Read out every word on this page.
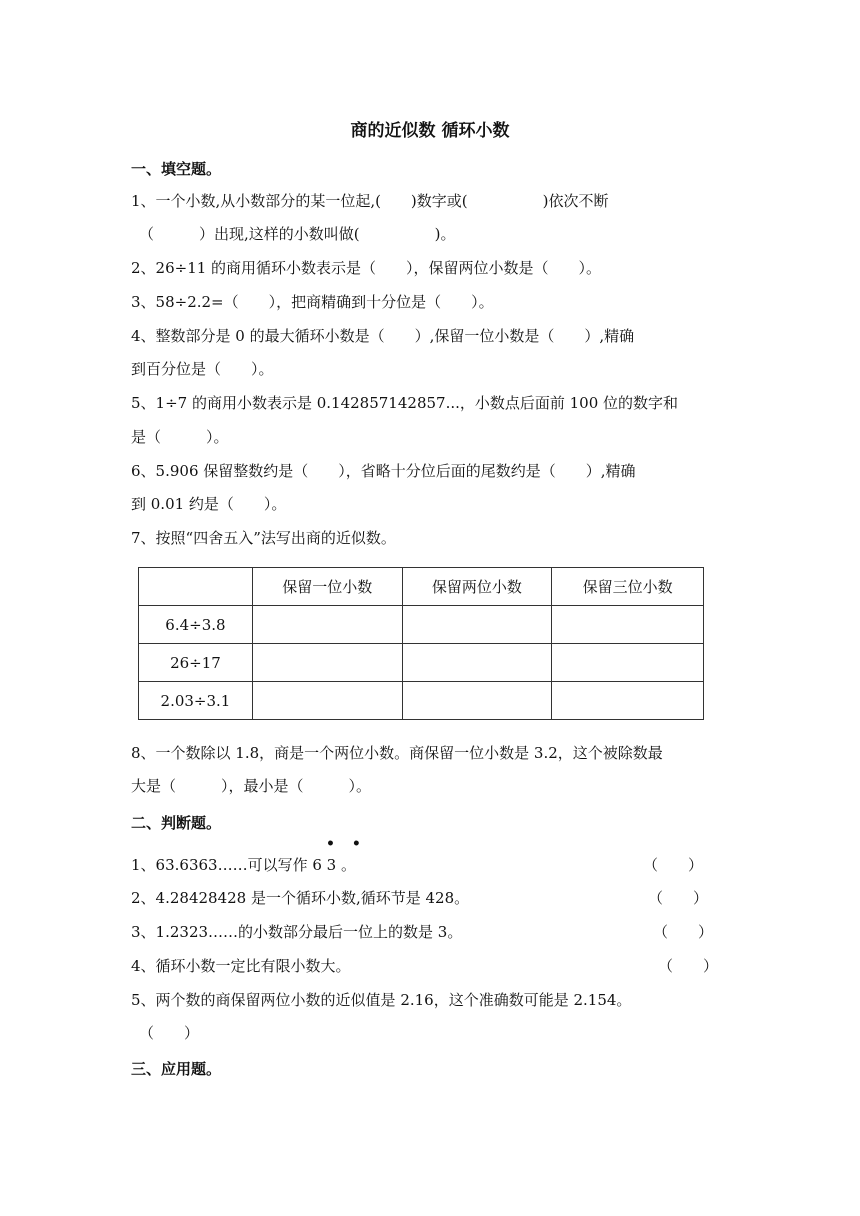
商的近似数 循环小数
一、填空题。
1、一个小数,从小数部分的某一位起,(　　)数字或(　　　　　)依次不断
（　　　）出现,这样的小数叫做(　　　　　)。
2、26÷11 的商用循环小数表示是（　　），保留两位小数是（　　）。
3、58÷2.2=（　　），把商精确到十分位是（　　）。
4、整数部分是 0 的最大循环小数是（　　）,保留一位小数是（　　）,精确
到百分位是（　　）。
5、1÷7 的商用小数表示是 0.142857142857...，小数点后面前 100 位的数字和
是（　　　）。
6、5.906 保留整数约是（　　），省略十分位后面的尾数约是（　　）,精确
到 0.01 约是（　　）。
7、按照“四舍五入”法写出商的近似数。
	保留一位小数	保留两位小数	保留三位小数
6.4÷3.8			
26÷17			
2.03÷3.1			
8、一个数除以 1.8，商是一个两位小数。商保留一位小数是 3.2，这个被除数最
大是（　　　），最小是（　　　）。
二、判断题。
• •
1、63.6363……可以写作 6 3 。	（　　）
2、4.28428428 是一个循环小数,循环节是 428。	（　　）
3、1.2323……的小数部分最后一位上的数是 3。	（　　）
4、循环小数一定比有限小数大。	（　　）
5、两个数的商保留两位小数的近似值是 2.16，这个准确数可能是 2.154。
（　　）
三、应用题。
